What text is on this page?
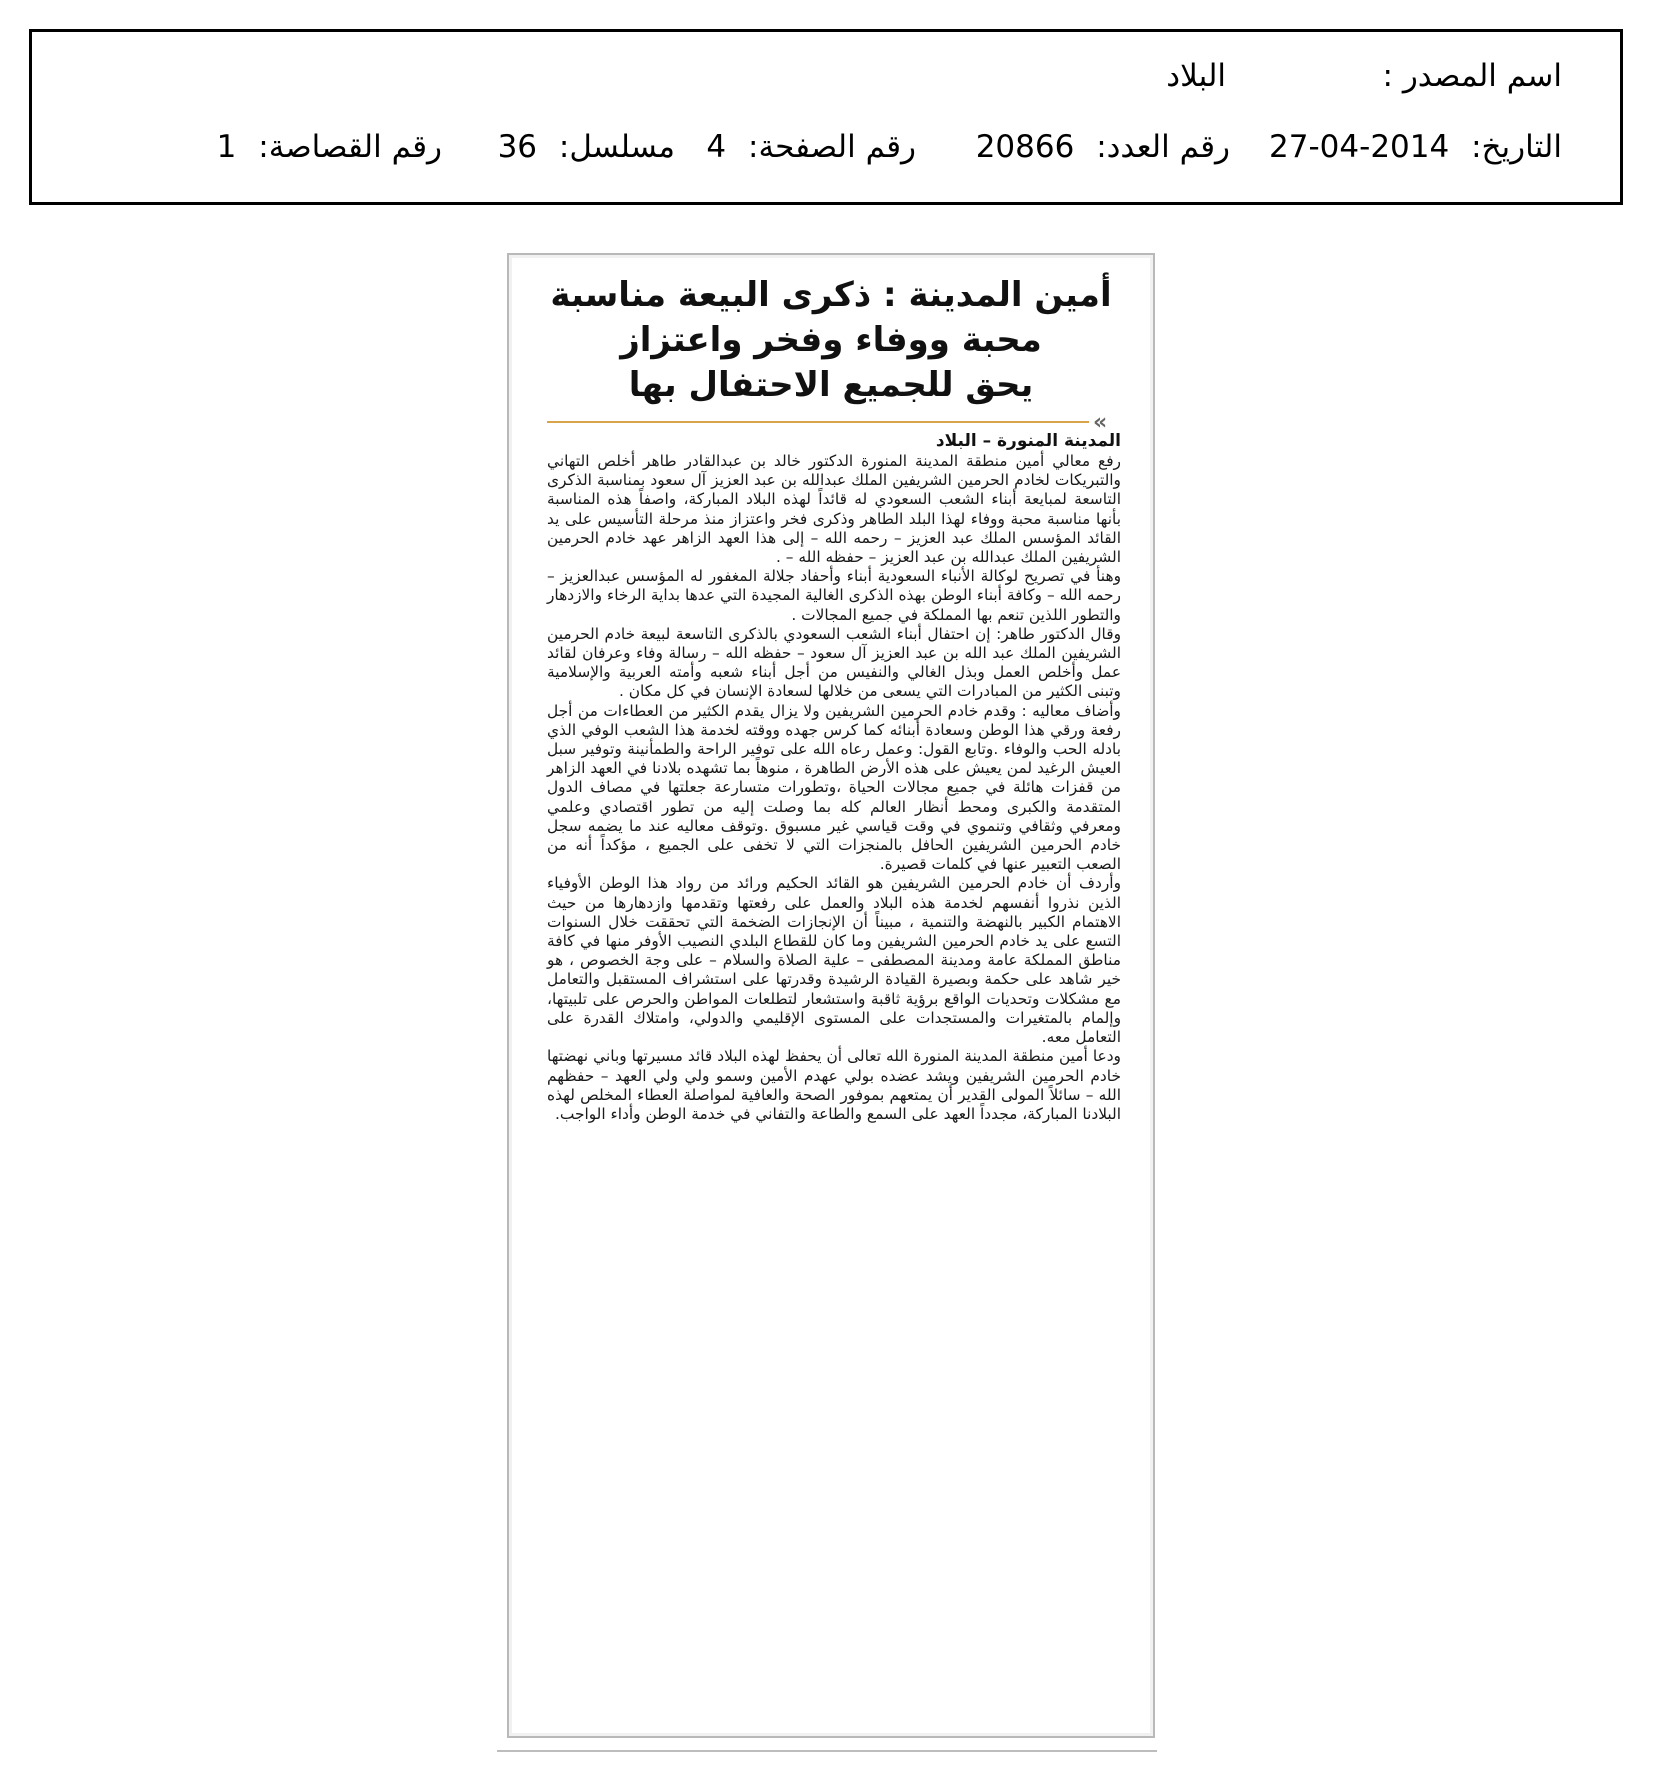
اسم المصدر :
البلاد
التاريخ: 2014-04-27
رقم العدد: 20866
رقم الصفحة: 4
مسلسل: 36
رقم القصاصة: 1
أمين المدينة : ذكرى البيعة مناسبة
محبة ووفاء وفخر واعتزاز
يحق للجميع الاحتفال بها
«
المدينة المنورة – البلاد

رفع معالي أمين منطقة المدينة المنورة الدكتور خالد بن عبدالقادر طاهر أخلص التهاني والتبريكات لخادم الحرمين الشريفين الملك عبدالله بن عبد العزيز آل سعود بمناسبة الذكرى التاسعة لمبايعة أبناء الشعب السعودي له قائداً لهذه البلاد المباركة، واصفاً هذه المناسبة بأنها مناسبة محبة ووفاء لهذا البلد الطاهر وذكرى فخر واعتزاز منذ مرحلة التأسيس على يد القائد المؤسس الملك عبد العزيز – رحمه الله – إلى هذا العهد الزاهر عهد خادم الحرمين الشريفين الملك عبدالله بن عبد العزيز – حفظه الله – .

وهنأ في تصريح لوكالة الأنباء السعودية أبناء وأحفاد جلالة المغفور له المؤسس عبدالعزيز – رحمه الله – وكافة أبناء الوطن بهذه الذكرى الغالية المجيدة التي عدها بداية الرخاء والازدهار والتطور اللذين تنعم بها المملكة في جميع المجالات .

وقال الدكتور طاهر: إن احتفال أبناء الشعب السعودي بالذكرى التاسعة لبيعة خادم الحرمين الشريفين الملك عبد الله بن عبد العزيز آل سعود – حفظه الله – رسالة وفاء وعرفان لقائد عمل وأخلص العمل وبذل الغالي والنفيس من أجل أبناء شعبه وأمته العربية والإسلامية وتبنى الكثير من المبادرات التي يسعى من خلالها لسعادة الإنسان في كل مكان .

وأضاف معاليه : وقدم خادم الحرمين الشريفين ولا يزال يقدم الكثير من العطاءات من أجل رفعة ورقي هذا الوطن وسعادة أبنائه كما كرس جهده ووقته لخدمة هذا الشعب الوفي الذي بادله الحب والوفاء .وتابع القول: وعمل رعاه الله على توفير الراحة والطمأنينة وتوفير سبل العيش الرغيد لمن يعيش على هذه الأرض الطاهرة ، منوهاً بما تشهده بلادنا في العهد الزاهر من قفزات هائلة في جميع مجالات الحياة ،وتطورات متسارعة جعلتها في مصاف الدول المتقدمة والكبرى ومحط أنظار العالم كله بما وصلت إليه من تطور اقتصادي وعلمي ومعرفي وثقافي وتنموي في وقت قياسي غير مسبوق .وتوقف معاليه عند ما يضمه سجل خادم الحرمين الشريفين الحافل بالمنجزات التي لا تخفى على الجميع ، مؤكداً أنه من الصعب التعبير عنها في كلمات قصيرة.

وأردف أن خادم الحرمين الشريفين هو القائد الحكيم ورائد من رواد هذا الوطن الأوفياء الذين نذروا أنفسهم لخدمة هذه البلاد والعمل على رفعتها وتقدمها وازدهارها من حيث الاهتمام الكبير بالنهضة والتنمية ، مبيناً أن الإنجازات الضخمة التي تحققت خلال السنوات التسع على يد خادم الحرمين الشريفين وما كان للقطاع البلدي النصيب الأوفر منها في كافة مناطق المملكة عامة ومدينة المصطفى – علية الصلاة والسلام – على وجة الخصوص ، هو خير شاهد على حكمة وبصيرة القيادة الرشيدة وقدرتها على استشراف المستقبل والتعامل مع مشكلات وتحديات الواقع برؤية ثاقبة واستشعار لتطلعات المواطن والحرص على تلبيتها، وإلمام بالمتغيرات والمستجدات على المستوى الإقليمي والدولي، وامتلاك القدرة على التعامل معه.

ودعا أمين منطقة المدينة المنورة الله تعالى أن يحفظ لهذه البلاد قائد مسيرتها وباني نهضتها خادم الحرمين الشريفين ويشد عضده بولي عهدم الأمين وسمو ولي ولي العهد – حفظهم الله – سائلاً المولى القدير أن يمتعهم بموفور الصحة والعافية لمواصلة العطاء المخلص لهذه البلادنا المباركة، مجدداً العهد على السمع والطاعة والتفاني في خدمة الوطن وأداء الواجب.
